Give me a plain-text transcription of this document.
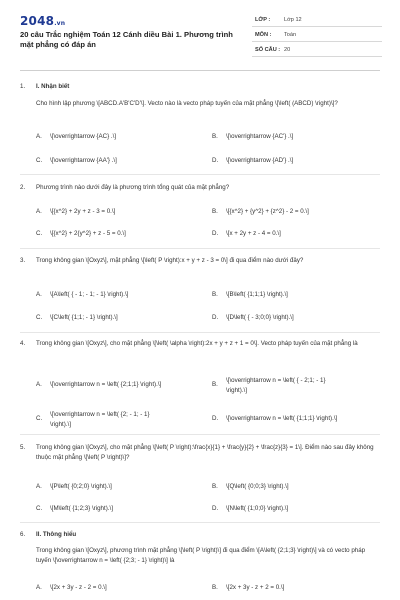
2048.vn
20 câu Trắc nghiệm Toán 12 Cánh diều Bài 1. Phương trình mặt phẳng có đáp án
LỚP : Lớp 12
MÔN : Toán
SỐ CÂU : 20
1.	I. Nhận biết
Cho hình lập phương \[ABCD.A'B'C'D'\]. Vecto nào là vecto pháp tuyến của mặt phẳng \[\left( (ABCD) \right)\]?
A.	\[\overrightarrow {AC} .\]	B.	\[\overrightarrow {AC'} .\]
C.	\[\overrightarrow {AA'} .\]	D.	\[\overrightarrow {AD'} .\]
2.	Phương trình nào dưới đây là phương trình tổng quát của mặt phẳng?
A.	\[{x^2} + 2y + z - 3 = 0.\]	B.	\[{x^2} + {y^2} + {z^2} - 2 = 0.\]
C.	\[{x^2} + 2{y^2} + z - 5 = 0.\]	D.	\[x + 2y + z - 4 = 0.\]
3.	Trong không gian \[Oxyz\], mặt phẳng \[\left( P \right):x + y + z - 3 = 0\] đi qua điểm nào dưới đây?
A.	\[A\left( { - 1; - 1; - 1} \right).\]	B.	\[B\left( {1;1;1} \right).\]
C.	\[C\left( {1;1; - 1} \right).\]	D.	\[D\left( { - 3;0;0} \right).\]
4.	Trong không gian \[Oxyz\], cho mặt phẳng \[\left( \alpha \right):2x + y + z + 1 = 0\]. Vecto pháp tuyến của mặt phẳng là
A.	\[\overrightarrow n = \left( {2;1;1} \right).\]	B.
\[\overrightarrow n = \left( { - 2;1; - 1} \right).\]
C.
\[\overrightarrow n = \left( {2; - 1; - 1} \right).\]
D.	\[\overrightarrow n = \left( {1;1;1} \right).\]
5.	Trong không gian \[Oxyz\], cho mặt phẳng \[\left( P \right):\frac{x}{1} + \frac{y}{2} + \frac{z}{3} = 1\]. Điểm nào sau đây không thuộc mặt phẳng \[\left( P \right)\]?
A.	\[P\left( {0;2;0} \right).\]	B.	\[Q\left( {0;0;3} \right).\]
C.	\[M\left( {1;2;3} \right).\]	D.	\[N\left( {1;0;0} \right).\]
6.	II. Thông hiểu
Trong không gian \[Oxyz\], phương trình mặt phẳng \[\left( P \right)\] đi qua điểm \[A\left( {2;1;3} \right)\] và có vecto pháp tuyến \[\overrightarrow n = \left( {2;3; - 1} \right)\] là
A.	\[2x + 3y - z - 2 = 0.\]	B.	\[2x + 3y - z + 2 = 0.\]
